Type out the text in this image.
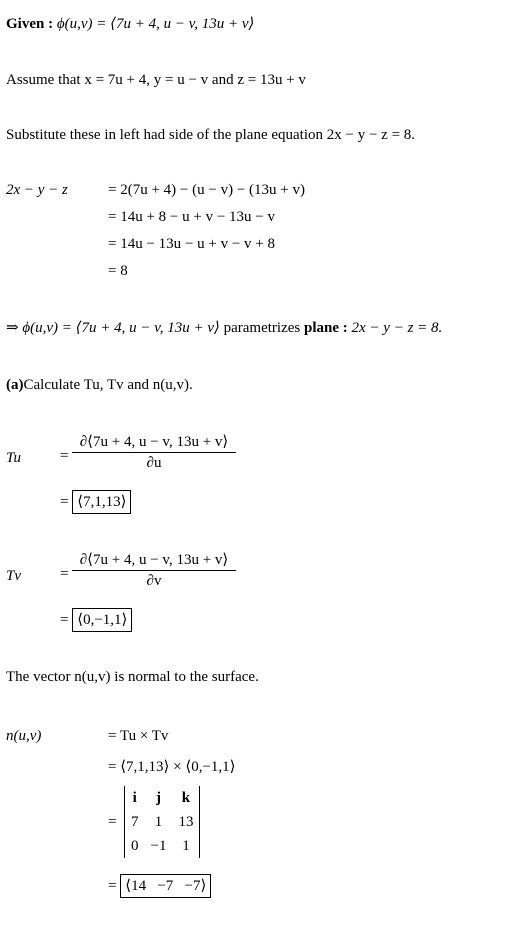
Given : ϕ(u,v) = ⟨7u + 4, u − v, 13u + v⟩
Assume that x = 7u + 4, y = u − v and z = 13u + v
Substitute these in left had side of the plane equation 2x − y − z = 8.
2x − y − z	= 2(7u + 4) − (u − v) − (13u + v)
= 14u + 8 − u + v − 13u − v
= 14u − 13u − u + v − v + 8
= 8
⇒ ϕ(u,v) = ⟨7u + 4, u − v, 13u + v⟩ parametrizes plane : 2x − y − z = 8.
(a)Calculate Tu, Tv and n(u,v).
Tu	= $\frac{\partial⟨7u + 4, u - v, 13u + v⟩}{\partial u}$
= ⟨7,1,13⟩
Tv	= $\frac{\partial⟨7u + 4, u - v, 13u + v⟩}{\partial v}$
= ⟨0,−1,1⟩
The vector n(u,v) is normal to the surface.
n(u,v)	= Tu × Tv
= ⟨7,1,13⟩ × ⟨0,−1,1⟩
=
i	j	k
7	1	13
0	−1	1
= ⟨14   −7   −7⟩
